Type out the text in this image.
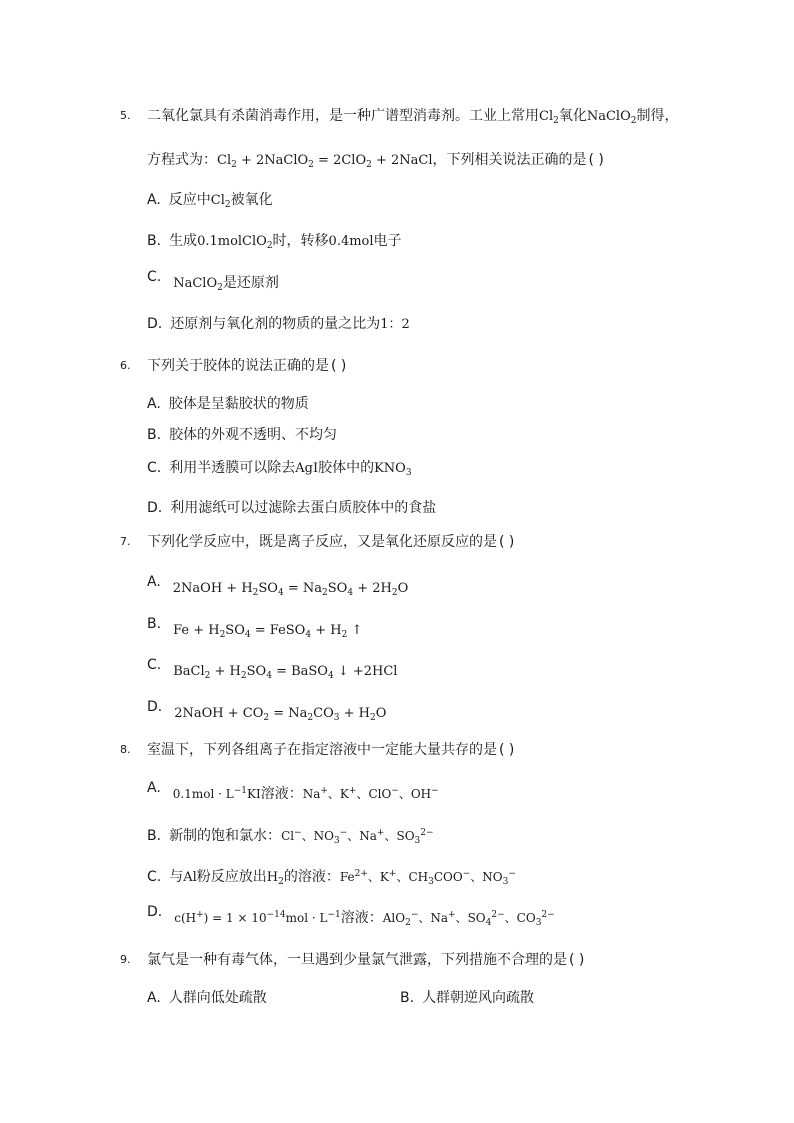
5. 二氧化氯具有杀菌消毒作用，是一种广谱型消毒剂。工业上常用$Cl_2$氧化NaClO$_2$制得，
方程式为：$Cl_2$ + 2NaClO$_2$ = 2ClO$_2$ + 2NaCl，下列相关说法正确的是 ( )
A. 反应中$Cl_2$被氧化
B. 生成0.1molClO$_2$时，转移0.4mol电子
C. NaClO$_2$是还原剂
D. 还原剂与氧化剂的物质的量之比为1：2
6. 下列关于胶体的说法正确的是 ( )
A. 胶体是呈黏胶状的物质
B. 胶体的外观不透明、不均匀
C. 利用半透膜可以除去AgI胶体中的$KNO_3$
D. 利用滤纸可以过滤除去蛋白质胶体中的食盐
7. 下列化学反应中，既是离子反应，又是氧化还原反应的是 ( )
A. 2NaOH + $H_2SO_4 = Na_2SO_4 + 2H_2O$
B. $Fe + H_2SO_4$ = FeSO$_4$ + $H_2$ ↑
C. BaCl$_2$ + $H_2SO_4$ = BaSO$_4$ ↓ +2HCl
D. 2NaOH + $CO_2 = Na_2CO_3 + H_2O$
8. 室温下，下列各组离子在指定溶液中一定能大量共存的是 ( )
A. $0.1mol \cdot L^{-1}KI$溶液：Na+、K+、ClO−、OH−
B. 新制的饱和氯水：Cl−、$NO_3^-$、Na+、$SO_3^{2-}$
C. 与Al粉反应放出$H_2$的溶液：$Fe^{2+}$、K+、$CH_3COO^-$、$NO_3^-$
D. $c(H^+) = 1 \times 10^{-14}mol \cdot L^{-1}$溶液：AlO$_2$−、Na+、$SO_4^{2-}$、$CO_3^{2-}$
9. 氯气是一种有毒气体，一旦遇到少量氯气泄露，下列措施不合理的是 ( )
A. 人群向低处疏散	B. 人群朝逆风向疏散
